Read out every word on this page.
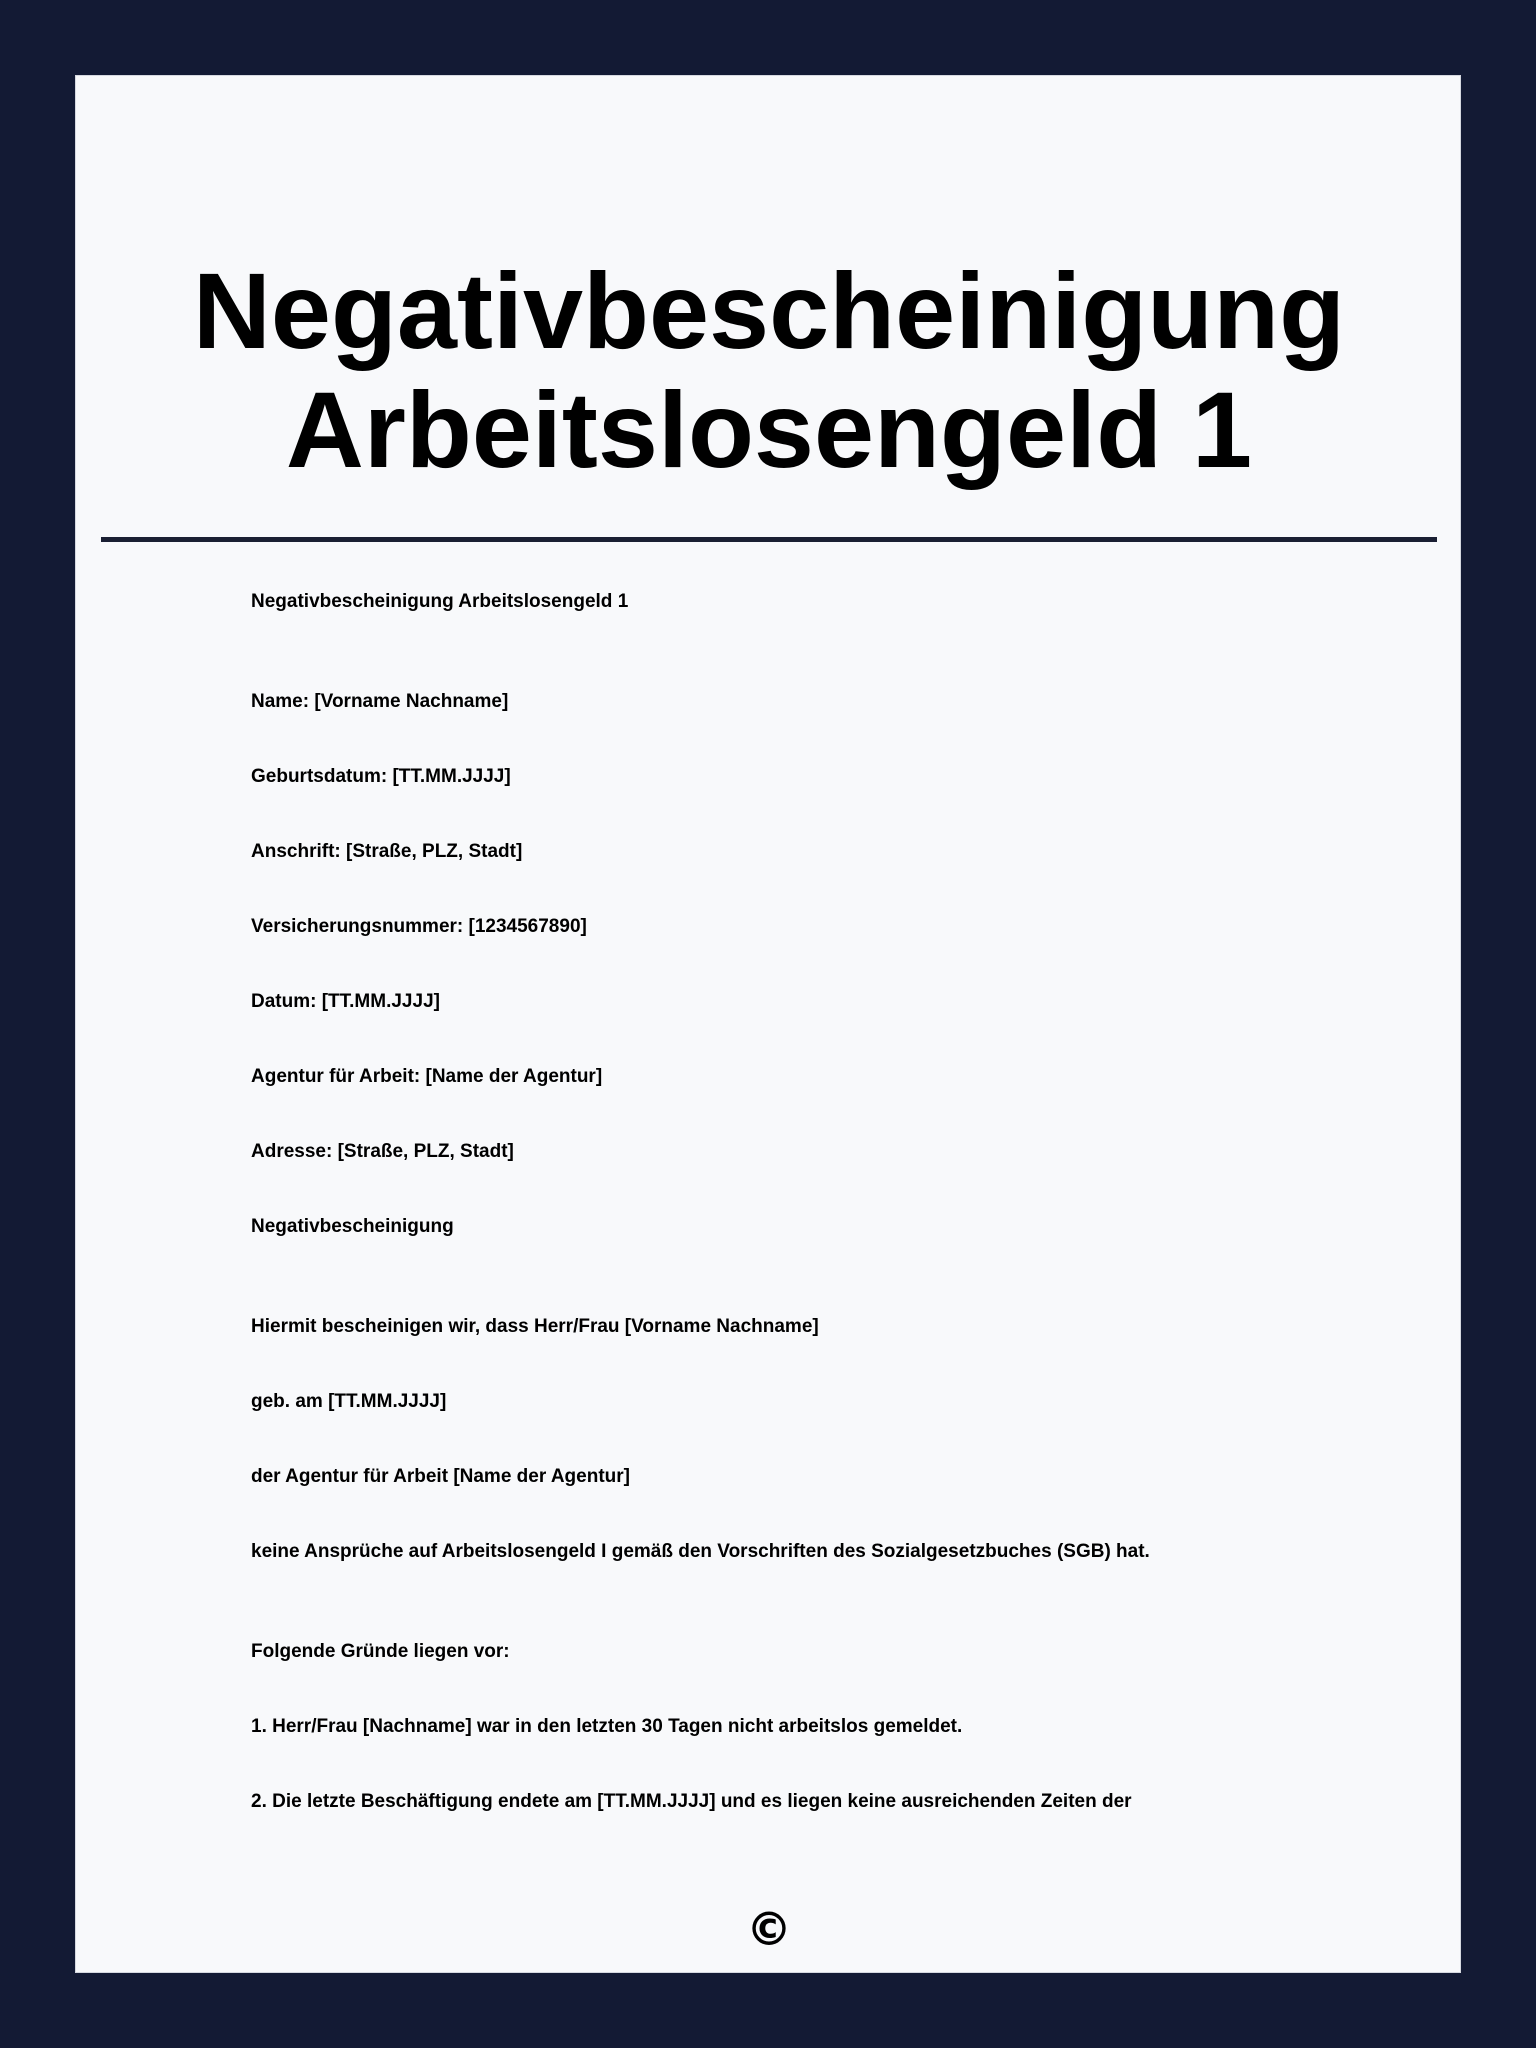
Negativbescheinigung
Arbeitslosengeld 1
Negativbescheinigung Arbeitslosengeld 1
Name: [Vorname Nachname]
Geburtsdatum: [TT.MM.JJJJ]
Anschrift: [Straße, PLZ, Stadt]
Versicherungsnummer: [1234567890]
Datum: [TT.MM.JJJJ]
Agentur für Arbeit: [Name der Agentur]
Adresse: [Straße, PLZ, Stadt]
Negativbescheinigung
Hiermit bescheinigen wir, dass Herr/Frau [Vorname Nachname]
geb. am [TT.MM.JJJJ]
der Agentur für Arbeit [Name der Agentur]
keine Ansprüche auf Arbeitslosengeld I gemäß den Vorschriften des Sozialgesetzbuches (SGB) hat.
Folgende Gründe liegen vor:
1. Herr/Frau [Nachname] war in den letzten 30 Tagen nicht arbeitslos gemeldet.
2. Die letzte Beschäftigung endete am [TT.MM.JJJJ] und es liegen keine ausreichenden Zeiten der
©
